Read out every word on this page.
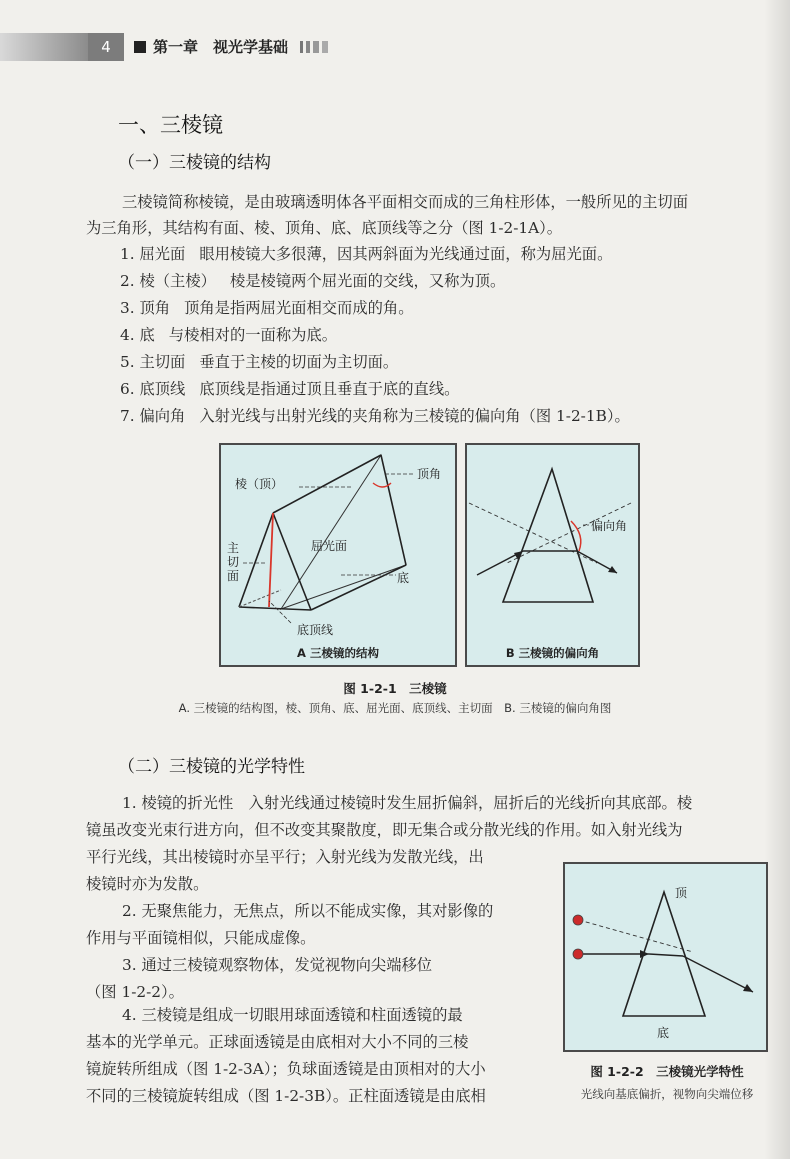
4	第一章　视光学基础
一、三棱镜
（一）三棱镜的结构
三棱镜简称棱镜，是由玻璃透明体各平面相交而成的三角柱形体，一般所见的主切面
为三角形，其结构有面、棱、顶角、底、底顶线等之分（图 1-2-1A）。
1. 屈光面 眼用棱镜大多很薄，因其两斜面为光线通过面，称为屈光面。
2. 棱（主棱） 棱是棱镜两个屈光面的交线，又称为顶。
3. 顶角 顶角是指两屈光面相交而成的角。
4. 底 与棱相对的一面称为底。
5. 主切面 垂直于主棱的切面为主切面。
6. 底顶线 底顶线是指通过顶且垂直于底的直线。
7. 偏向角 入射光线与出射光线的夹角称为三棱镜的偏向角（图 1-2-1B）。
棱（顶）
顶角
主切面
屈光面
底
底顶线
A 三棱镜的结构
偏向角
B 三棱镜的偏向角
图 1-2-1　三棱镜
A. 三棱镜的结构图，棱、顶角、底、屈光面、底顶线、主切面　B. 三棱镜的偏向角图
（二）三棱镜的光学特性
1. 棱镜的折光性　入射光线通过棱镜时发生屈折偏斜，屈折后的光线折向其底部。棱
镜虽改变光束行进方向，但不改变其聚散度，即无集合或分散光线的作用。如入射光线为
平行光线，其出棱镜时亦呈平行；入射光线为发散光线，出
棱镜时亦为发散。
2. 无聚焦能力，无焦点，所以不能成实像，其对影像的
作用与平面镜相似，只能成虚像。
3. 通过三棱镜观察物体，发觉视物向尖端移位
（图 1-2-2）。
4. 三棱镜是组成一切眼用球面透镜和柱面透镜的最
基本的光学单元。正球面透镜是由底相对大小不同的三棱
镜旋转所组成（图 1-2-3A）；负球面透镜是由顶相对的大小
不同的三棱镜旋转组成（图 1-2-3B）。正柱面透镜是由底相
顶
底
图 1-2-2　三棱镜光学特性
光线向基底偏折，视物向尖端位移
